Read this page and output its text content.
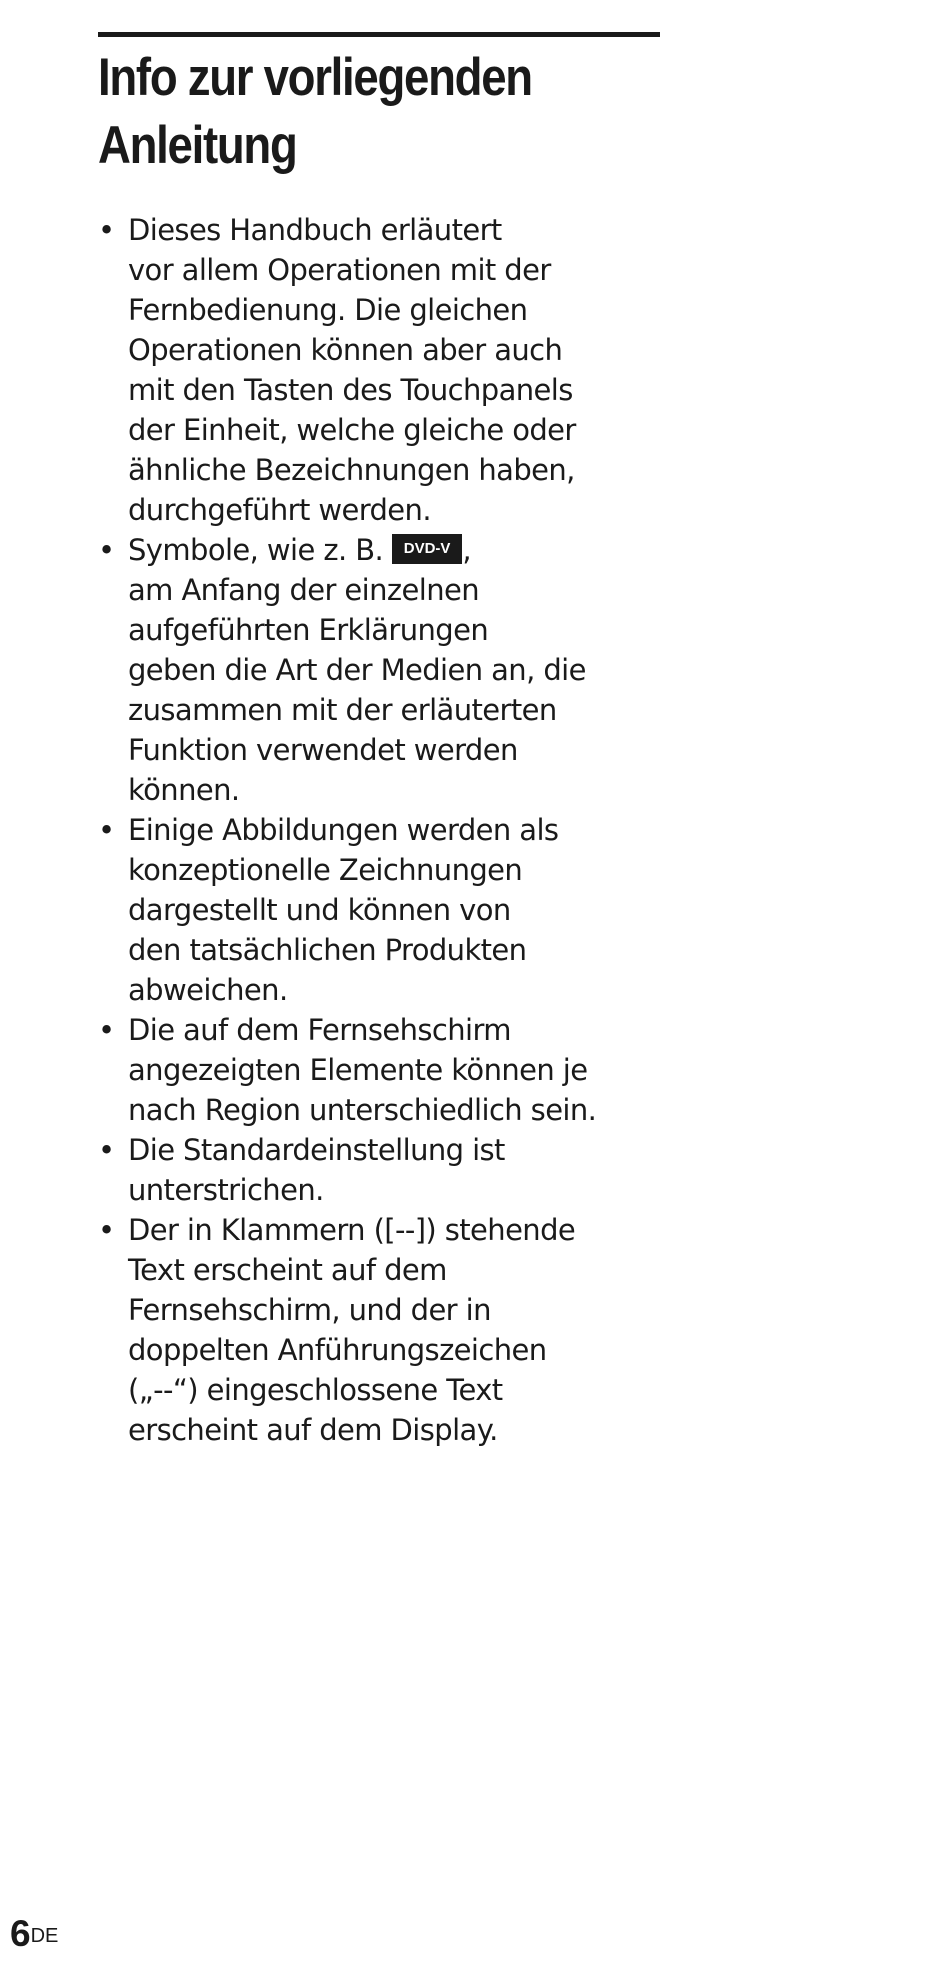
Info zur vorliegenden
Anleitung
• Dieses Handbuch erläutert
vor allem Operationen mit der
Fernbedienung. Die gleichen
Operationen können aber auch
mit den Tasten des Touchpanels
der Einheit, welche gleiche oder
ähnliche Bezeichnungen haben,
durchgeführt werden.
• Symbole, wie z. B. DVD-V ,
am Anfang der einzelnen
aufgeführten Erklärungen
geben die Art der Medien an, die
zusammen mit der erläuterten
Funktion verwendet werden
können.
• Einige Abbildungen werden als
konzeptionelle Zeichnungen
dargestellt und können von
den tatsächlichen Produkten
abweichen.
• Die auf dem Fernsehschirm
angezeigten Elemente können je
nach Region unterschiedlich sein.
• Die Standardeinstellung ist
unterstrichen.
• Der in Klammern ([--]) stehende
Text erscheint auf dem
Fernsehschirm, und der in
doppelten Anführungszeichen
(„--“) eingeschlossene Text
erscheint auf dem Display.
6DE
